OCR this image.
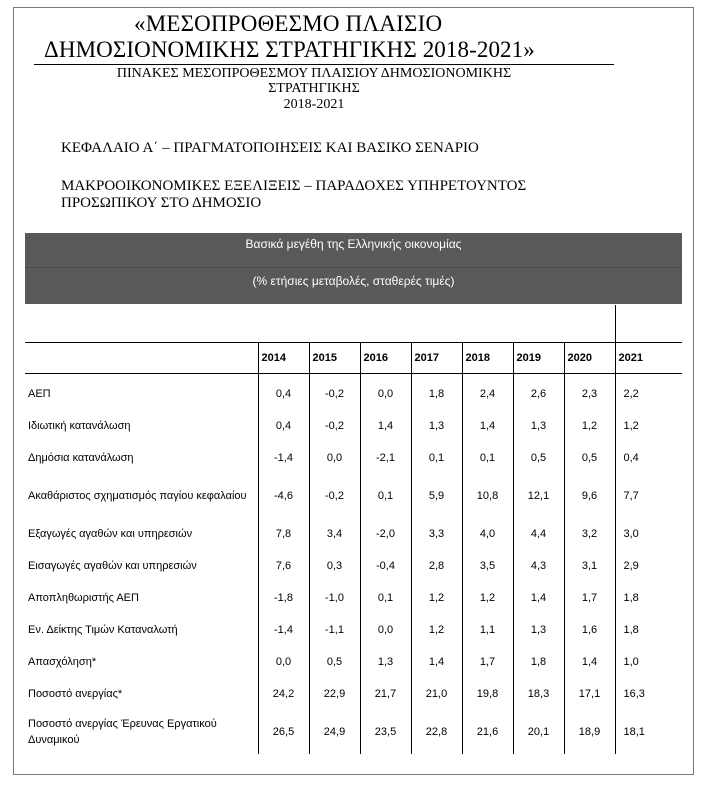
«ΜΕΣΟΠΡΟΘΕΣΜΟ ΠΛΑΙΣΙΟ
ΔΗΜΟΣΙΟΝΟΜΙΚΗΣ ΣΤΡΑΤΗΓΙΚΗΣ 2018-2021»
ΠΙΝΑΚΕΣ ΜΕΣΟΠΡΟΘΕΣΜΟΥ ΠΛΑΙΣΙΟΥ ΔΗΜΟΣΙΟΝΟΜΙΚΗΣ
ΣΤΡΑΤΗΓΙΚΗΣ
2018-2021
ΚΕΦΑΛΑΙΟ Α΄ – ΠΡΑΓΜΑΤΟΠΟΙΗΣΕΙΣ ΚΑΙ ΒΑΣΙΚΟ ΣΕΝΑΡΙΟ
ΜΑΚΡΟΟΙΚΟΝΟΜΙΚΕΣ ΕΞΕΛΙΞΕΙΣ – ΠΑΡΑΔΟΧΕΣ ΥΠΗΡΕΤΟΥΝΤΟΣ
ΠΡΟΣΩΠΙΚΟΥ ΣΤΟ ΔΗΜΟΣΙΟ
Βασικά μεγέθη της Ελληνικής οικονομίας
(% ετήσιες μεταβολές, σταθερές τιμές)

	2014	2015	2016	2017	2018	2019	2020	2021

ΑΕΠ	0,4	-0,2	0,0	1,8	2,4	2,6	2,3	2,2
Ιδιωτική κατανάλωση	0,4	-0,2	1,4	1,3	1,4	1,3	1,2	1,2
Δημόσια κατανάλωση	-1,4	0,0	-2,1	0,1	0,1	0,5	0,5	0,4
Ακαθάριστος σχηματισμός παγίου κεφαλαίου	-4,6	-0,2	0,1	5,9	10,8	12,1	9,6	7,7
Εξαγωγές αγαθών και υπηρεσιών	7,8	3,4	-2,0	3,3	4,0	4,4	3,2	3,0
Εισαγωγές αγαθών και υπηρεσιών	7,6	0,3	-0,4	2,8	3,5	4,3	3,1	2,9
Αποπληθωριστής ΑΕΠ	-1,8	-1,0	0,1	1,2	1,2	1,4	1,7	1,8
Εν. Δείκτης Τιμών Καταναλωτή	-1,4	-1,1	0,0	1,2	1,1	1,3	1,6	1,8
Απασχόληση*	0,0	0,5	1,3	1,4	1,7	1,8	1,4	1,0
Ποσοστό ανεργίας*	24,2	22,9	21,7	21,0	19,8	18,3	17,1	16,3
Ποσοστό ανεργίας Έρευνας Εργατικού Δυναμικού	26,5	24,9	23,5	22,8	21,6	20,1	18,9	18,1
